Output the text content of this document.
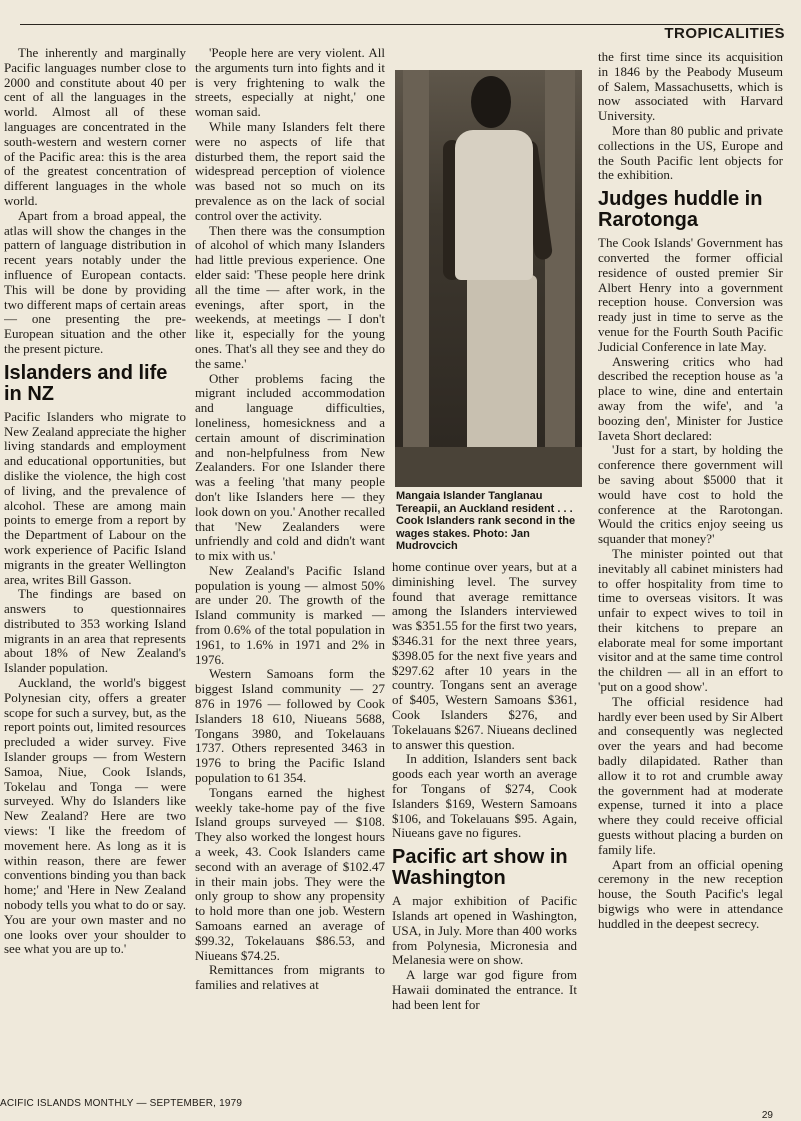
TROPICALITIES

The inherently and marginally Pacific languages number close to 2000 and constitute about 40 per cent of all the languages in the world. Almost all of these languages are concentrated in the south-western and western corner of the Pacific area: this is the area of the greatest concentration of different languages in the whole world.

Apart from a broad appeal, the atlas will show the changes in the pattern of language distribution in recent years notably under the influence of European contacts. This will be done by providing two different maps of certain areas — one presenting the pre-European situation and the other the present picture.

Islanders and life in NZ

Pacific Islanders who migrate to New Zealand appreciate the higher living standards and employment and educational opportunities, but dislike the violence, the high cost of living, and the prevalence of alcohol. These are among main points to emerge from a report by the Department of Labour on the work experience of Pacific Island migrants in the greater Wellington area, writes Bill Gasson.

The findings are based on answers to questionnaires distributed to 353 working Island migrants in an area that represents about 18% of New Zealand's Islander population.

Auckland, the world's biggest Polynesian city, offers a greater scope for such a survey, but, as the report points out, limited resources precluded a wider survey. Five Islander groups — from Western Samoa, Niue, Cook Islands, Tokelau and Tonga — were surveyed. Why do Islanders like New Zealand? Here are two views: 'I like the freedom of movement here. As long as it is within reason, there are fewer conventions binding you than back home;' and 'Here in New Zealand nobody tells you what to do or say. You are your own master and no one looks over your shoulder to see what you are up to.'

'People here are very violent. All the arguments turn into fights and it is very frightening to walk the streets, especially at night,' one woman said.

While many Islanders felt there were no aspects of life that disturbed them, the report said the widespread perception of violence was based not so much on its prevalence as on the lack of social control over the activity.

Then there was the consumption of alcohol of which many Islanders had little previous experience. One elder said: 'These people here drink all the time — after work, in the evenings, after sport, in the weekends, at meetings — I don't like it, especially for the young ones. That's all they see and they do the same.'

Other problems facing the migrant included accommodation and language difficulties, loneliness, homesickness and a certain amount of discrimination and non-helpfulness from New Zealanders. For one Islander there was a feeling 'that many people don't like Islanders here — they look down on you.' Another recalled that 'New Zealanders were unfriendly and cold and didn't want to mix with us.'

New Zealand's Pacific Island population is young — almost 50% are under 20. The growth of the Island community is marked — from 0.6% of the total population in 1961, to 1.6% in 1971 and 2% in 1976.

Western Samoans form the biggest Island community — 27 876 in 1976 — followed by Cook Islanders 18 610, Niueans 5688, Tongans 3980, and Tokelauans 1737. Others represented 3463 in 1976 to bring the Pacific Island population to 61 354.

Tongans earned the highest weekly take-home pay of the five Island groups surveyed — $108. They also worked the longest hours a week, 43. Cook Islanders came second with an average of $102.47 in their main jobs. They were the only group to show any propensity to hold more than one job. Western Samoans earned an average of $99.32, Tokelauans $86.53, and Niueans $74.25.

Remittances from migrants to families and relatives at

Mangaia Islander Tanglanau Tereapii, an Auckland resident . . . Cook Islanders rank second in the wages stakes. Photo: Jan Mudrovcich

home continue over years, but at a diminishing level. The survey found that average remittance among the Islanders interviewed was $351.55 for the first two years, $346.31 for the next three years, $398.05 for the next five years and $297.62 after 10 years in the country. Tongans sent an average of $405, Western Samoans $361, Cook Islanders $276, and Tokelauans $267. Niueans declined to answer this question.

In addition, Islanders sent back goods each year worth an average for Tongans of $274, Cook Islanders $169, Western Samoans $106, and Tokelauans $95. Again, Niueans gave no figures.

Pacific art show in Washington

A major exhibition of Pacific Islands art opened in Washington, USA, in July. More than 400 works from Polynesia, Micronesia and Melanesia were on show.

A large war god figure from Hawaii dominated the entrance. It had been lent for

the first time since its acquisition in 1846 by the Peabody Museum of Salem, Massachusetts, which is now associated with Harvard University.

More than 80 public and private collections in the US, Europe and the South Pacific lent objects for the exhibition.

Judges huddle in Rarotonga

The Cook Islands' Government has converted the former official residence of ousted premier Sir Albert Henry into a government reception house. Conversion was ready just in time to serve as the venue for the Fourth South Pacific Judicial Conference in late May.

Answering critics who had described the reception house as 'a place to wine, dine and entertain away from the wife', and 'a boozing den', Minister for Justice Iaveta Short declared:

'Just for a start, by holding the conference there government will be saving about $5000 that it would have cost to hold the conference at the Rarotongan. Would the critics enjoy seeing us squander that money?'

The minister pointed out that inevitably all cabinet ministers had to offer hospitality from time to time to overseas visitors. It was unfair to expect wives to toil in their kitchens to prepare an elaborate meal for some important visitor and at the same time control the children — all in an effort to 'put on a good show'.

The official residence had hardly ever been used by Sir Albert and consequently was neglected over the years and had become badly dilapidated. Rather than allow it to rot and crumble away the government had at moderate expense, turned it into a place where they could receive official guests without placing a burden on family life.

Apart from an official opening ceremony in the new reception house, the South Pacific's legal bigwigs who were in attendance huddled in the deepest secrecy.

ACIFIC ISLANDS MONTHLY — SEPTEMBER, 1979
29
